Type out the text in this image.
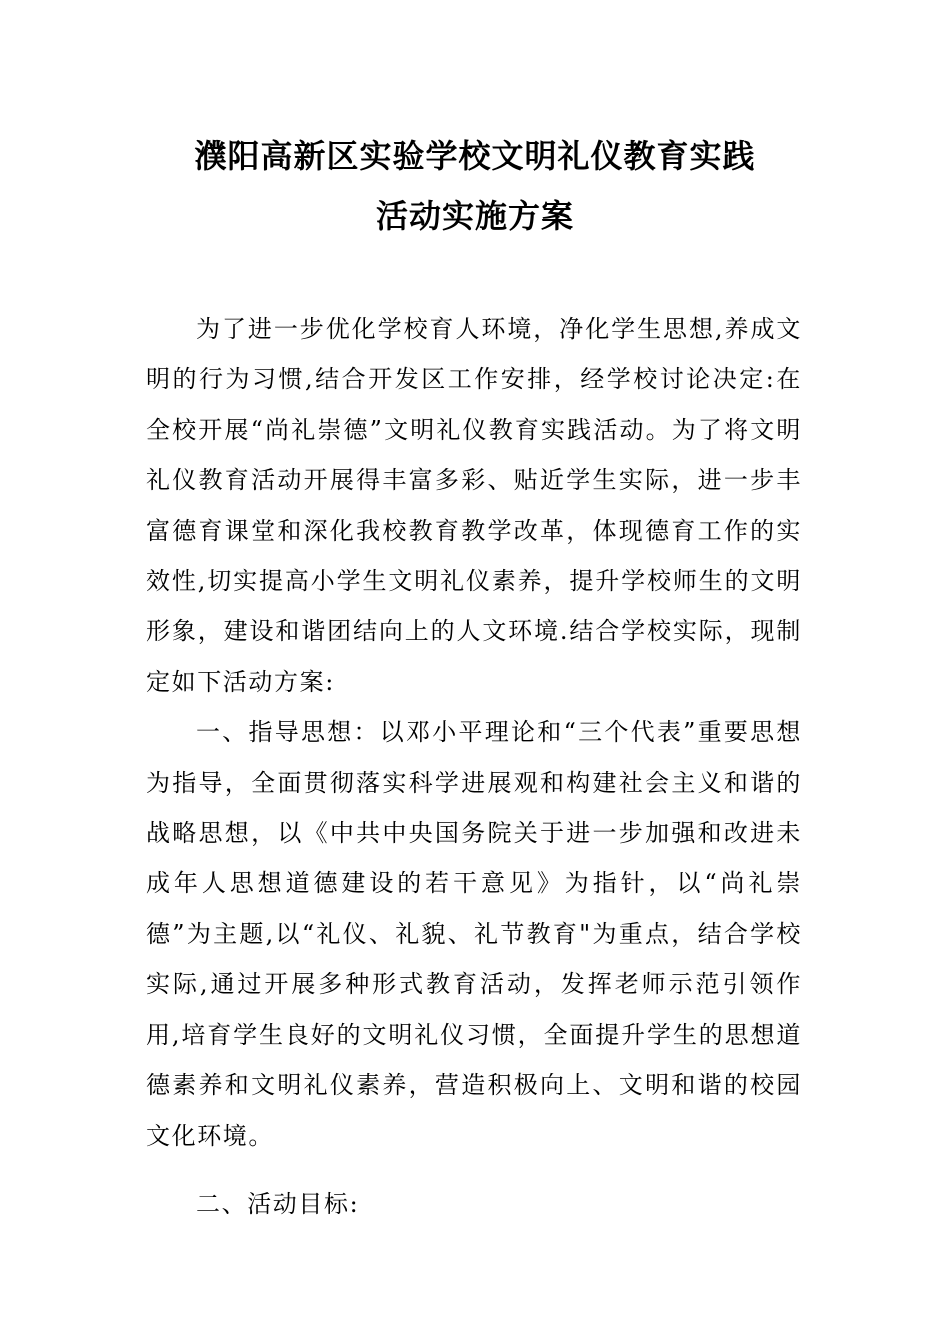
濮阳高新区实验学校文明礼仪教育实践
活动实施方案

为了进一步优化学校育人环境，净化学生思想,养成文明的行为习惯,结合开发区工作安排，经学校讨论决定:在全校开展“尚礼崇德”文明礼仪教育实践活动。为了将文明礼仪教育活动开展得丰富多彩、贴近学生实际，进一步丰富德育课堂和深化我校教育教学改革，体现德育工作的实效性,切实提高小学生文明礼仪素养，提升学校师生的文明形象，建设和谐团结向上的人文环境.结合学校实际，现制定如下活动方案:

一、指导思想：以邓小平理论和“三个代表”重要思想为指导，全面贯彻落实科学进展观和构建社会主义和谐的战略思想，以《中共中央国务院关于进一步加强和改进未成年人思想道德建设的若干意见》为指针，以“尚礼崇德”为主题,以“礼仪、礼貌、礼节教育"为重点，结合学校实际,通过开展多种形式教育活动，发挥老师示范引领作用,培育学生良好的文明礼仪习惯，全面提升学生的思想道德素养和文明礼仪素养，营造积极向上、文明和谐的校园文化环境。

二、活动目标:
